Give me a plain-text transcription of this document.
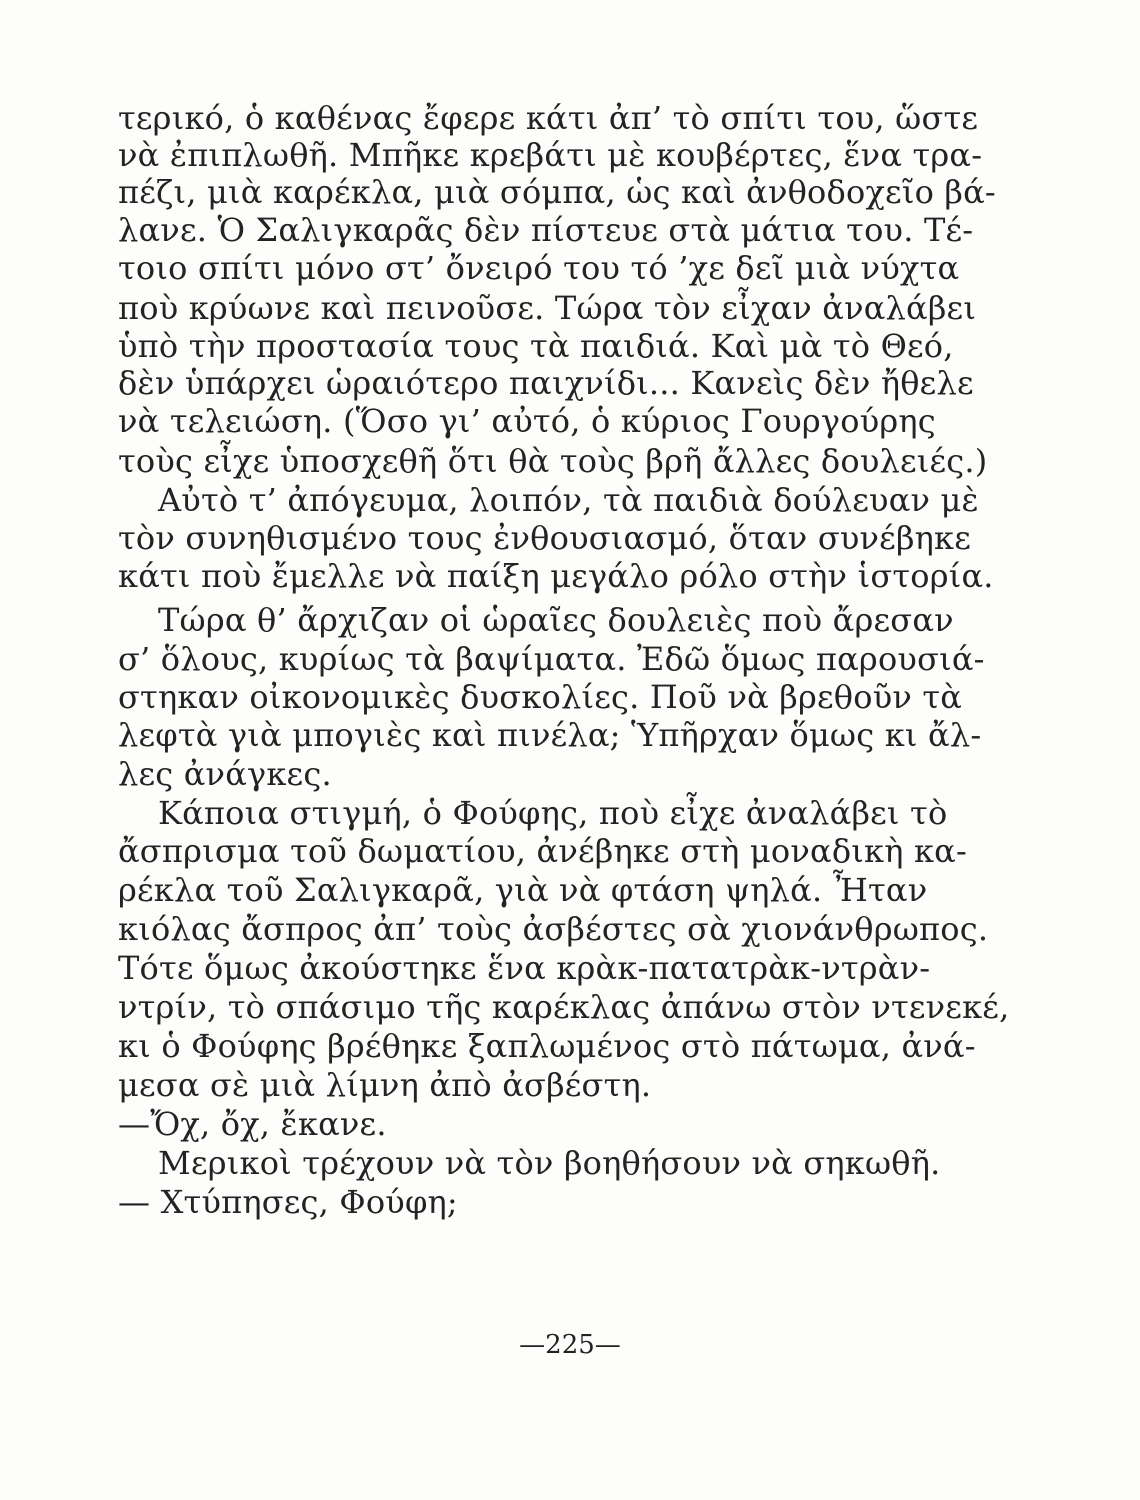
τερικό, ὁ καθένας ἔφερε κάτι ἀπ’ τὸ σπίτι του, ὥστε
νὰ ἐπιπλωθῆ. Μπῆκε κρεβάτι μὲ κουβέρτες, ἕνα τρα-
πέζι, μιὰ καρέκλα, μιὰ σόμπα, ὡς καὶ ἀνθοδοχεῖο βά-
λανε. Ὁ Σαλιγκαρᾶς δὲν πίστευε στὰ μάτια του. Τέ-
τοιο σπίτι μόνο στ’ ὄνειρό του τό ’χε δεῖ μιὰ νύχτα
ποὺ κρύωνε καὶ πεινοῦσε. Τώρα τὸν εἶχαν ἀναλάβει
ὑπὸ τὴν προστασία τους τὰ παιδιά. Καὶ μὰ τὸ Θεό,
δὲν ὑπάρχει ὡραιότερο παιχνίδι... Κανεὶς δὲν ἤθελε
νὰ τελειώση. (Ὅσο γι’ αὐτό, ὁ κύριος Γουργούρης
τοὺς εἶχε ὑποσχεθῆ ὅτι θὰ τοὺς βρῆ ἄλλες δουλειές.)
Αὐτὸ τ’ ἀπόγευμα, λοιπόν, τὰ παιδιὰ δούλευαν μὲ
τὸν συνηθισμένο τους ἐνθουσιασμό, ὅταν συνέβηκε
κάτι ποὺ ἔμελλε νὰ παίξη μεγάλο ρόλο στὴν ἱστορία.
Τώρα θ’ ἄρχιζαν οἱ ὡραῖες δουλειὲς ποὺ ἄρεσαν
σ’ ὅλους, κυρίως τὰ βαψίματα. Ἐδῶ ὅμως παρουσιά-
στηκαν οἰκονομικὲς δυσκολίες. Ποῦ νὰ βρεθοῦν τὰ
λεφτὰ γιὰ μπογιὲς καὶ πινέλα; Ὑπῆρχαν ὅμως κι ἄλ-
λες ἀνάγκες.
Κάποια στιγμή, ὁ Φούφης, ποὺ εἶχε ἀναλάβει τὸ
ἄσπρισμα τοῦ δωματίου, ἀνέβηκε στὴ μοναδικὴ κα-
ρέκλα τοῦ Σαλιγκαρᾶ, γιὰ νὰ φτάση ψηλά. Ἦταν
κιόλας ἄσπρος ἀπ’ τοὺς ἀσβέστες σὰ χιονάνθρωπος.
Τότε ὅμως ἀκούστηκε ἕνα κρὰκ-πατατρὰκ-ντρὰν-
ντρίν, τὸ σπάσιμο τῆς καρέκλας ἀπάνω στὸν ντενεκέ,
κι ὁ Φούφης βρέθηκε ξαπλωμένος στὸ πάτωμα, ἀνά-
μεσα σὲ μιὰ λίμνη ἀπὸ ἀσβέστη.
—Ὄχ, ὄχ, ἔκανε.
Μερικοὶ τρέχουν νὰ τὸν βοηθήσουν νὰ σηκωθῆ.
— Χτύπησες, Φούφη;
—225—
